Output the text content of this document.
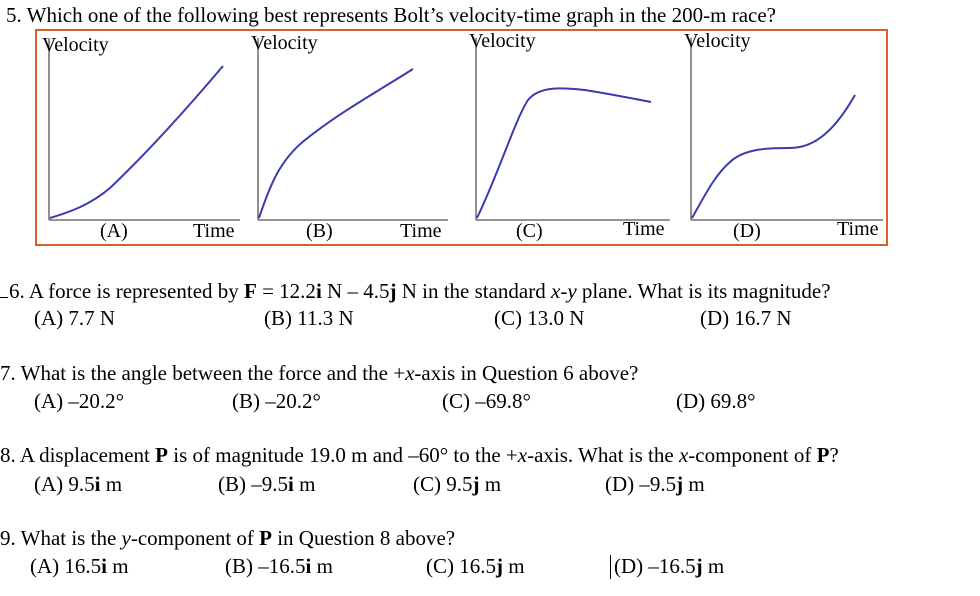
5. Which one of the following best represents Bolt’s velocity-time graph in the 200-m race?
Velocity	Velocity	Velocity	Velocity
(A)	Time	(B)	Time	(C)	Time	(D)	Time
6. A force is represented by F = 12.2i N – 4.5j N in the standard x-y plane. What is its magnitude?
(A) 7.7 N	(B) 11.3 N	(C) 13.0 N	(D) 16.7 N
7. What is the angle between the force and the +x-axis in Question 6 above?
(A) –20.2°	(B) –20.2°	(C) –69.8°	(D) 69.8°
8. A displacement P is of magnitude 19.0 m and –60° to the +x-axis. What is the x-component of P?
(A) 9.5i m	(B) –9.5i m	(C) 9.5j m	(D) –9.5j m
9. What is the y-component of P in Question 8 above?
(A) 16.5i m	(B) –16.5i m	(C) 16.5j m	(D) –16.5j m
